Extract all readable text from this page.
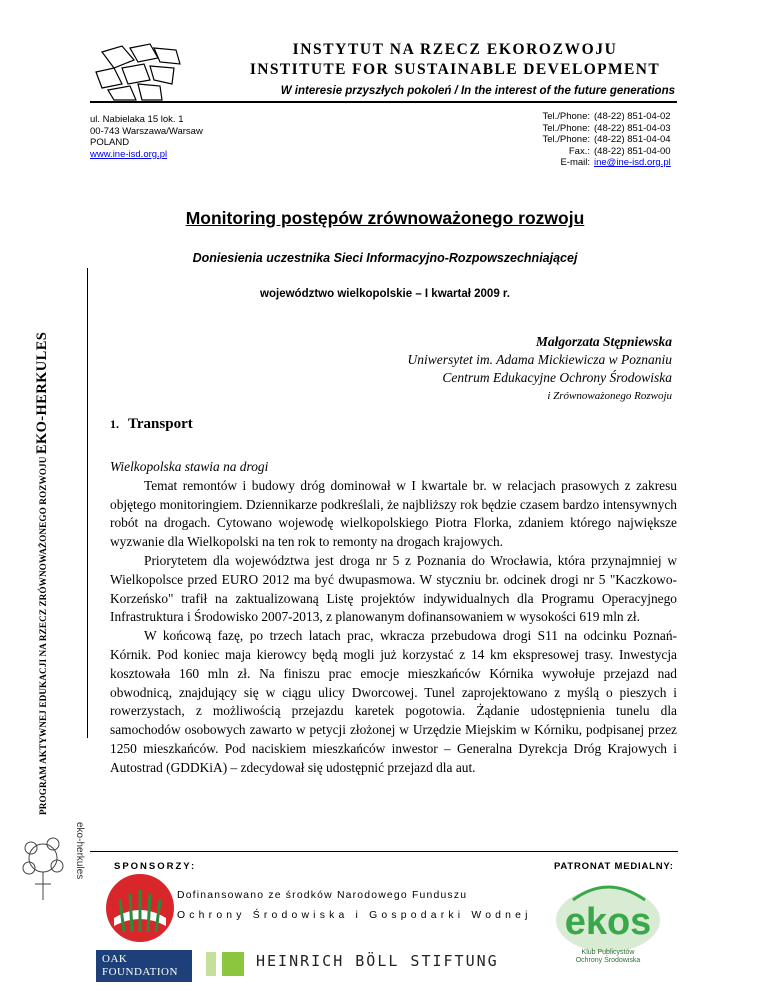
INSTYTUT NA RZECZ EKOROZWOJU
INSTITUTE FOR SUSTAINABLE DEVELOPMENT
W interesie przyszłych pokoleń / In the interest of the future generations
ul. Nabielaka 15 lok. 1
00-743 Warszawa/Warsaw
POLAND
www.ine-isd.org.pl
Tel./Phone: (48-22) 851-04-02
Tel./Phone: (48-22) 851-04-03
Tel./Phone: (48-22) 851-04-04
Fax.: (48-22) 851-04-00
E-mail: ine@ine-isd.org.pl
PROGRAM AKTYWNEJ EDUKACJI NA RZECZ ZRÓWNOWAŻONEGO ROZWOJU EKO-HERKULES
Monitoring postępów zrównoważonego rozwoju
Doniesienia uczestnika Sieci Informacyjno-Rozpowszechniającej
województwo wielkopolskie – I kwartał 2009 r.
Małgorzata Stępniewska
Uniwersytet im. Adama Mickiewicza w Poznaniu
Centrum Edukacyjne Ochrony Środowiska
i Zrównoważonego Rozwoju
1. Transport

Wielkopolska stawia na drogi

Temat remontów i budowy dróg dominował w I kwartale br. w relacjach prasowych z zakresu objętego monitoringiem. Dziennikarze podkreślali, że najbliższy rok będzie czasem bardzo intensywnych robót na drogach. Cytowano wojewodę wielkopolskiego Piotra Florka, zdaniem którego największe wyzwanie dla Wielkopolski na ten rok to remonty na drogach krajowych.

Priorytetem dla województwa jest droga nr 5 z Poznania do Wrocławia, która przynajmniej w Wielkopolsce przed EURO 2012 ma być dwupasmowa. W styczniu br. odcinek drogi nr 5 "Kaczkowo-Korzeńsko" trafił na zaktualizowaną Listę projektów indywidualnych dla Programu Operacyjnego Infrastruktura i Środowisko 2007-2013, z planowanym dofinansowaniem w wysokości 619 mln zł.

W końcową fazę, po trzech latach prac, wkracza przebudowa drogi S11 na odcinku Poznań-Kórnik. Pod koniec maja kierowcy będą mogli już korzystać z 14 km ekspresowej trasy. Inwestycja kosztowała 160 mln zł. Na finiszu prac emocje mieszkańców Kórnika wywołuje przejazd nad obwodnicą, znajdujący się w ciągu ulicy Dworcowej. Tunel zaprojektowano z myślą o pieszych i rowerzystach, z możliwością przejazdu karetek pogotowia. Żądanie udostępnienia tunelu dla samochodów osobowych zawarto w petycji złożonej w Urzędzie Miejskim w Kórniku, podpisanej przez 1250 mieszkańców. Pod naciskiem mieszkańców inwestor – Generalna Dyrekcja Dróg Krajowych i Autostrad (GDDKiA) – zdecydował się udostępnić przejazd dla aut.

eko-herkules	SPONSORZY:	PATRONAT MEDIALNY:
Dofinansowano ze środków Narodowego Funduszu
Ochrony Środowiska i Gospodarki Wodnej
OAK
FOUNDATION
HEINRICH BÖLL STIFTUNG
ekos
Klub Publicystów
Ochrony Środowiska
